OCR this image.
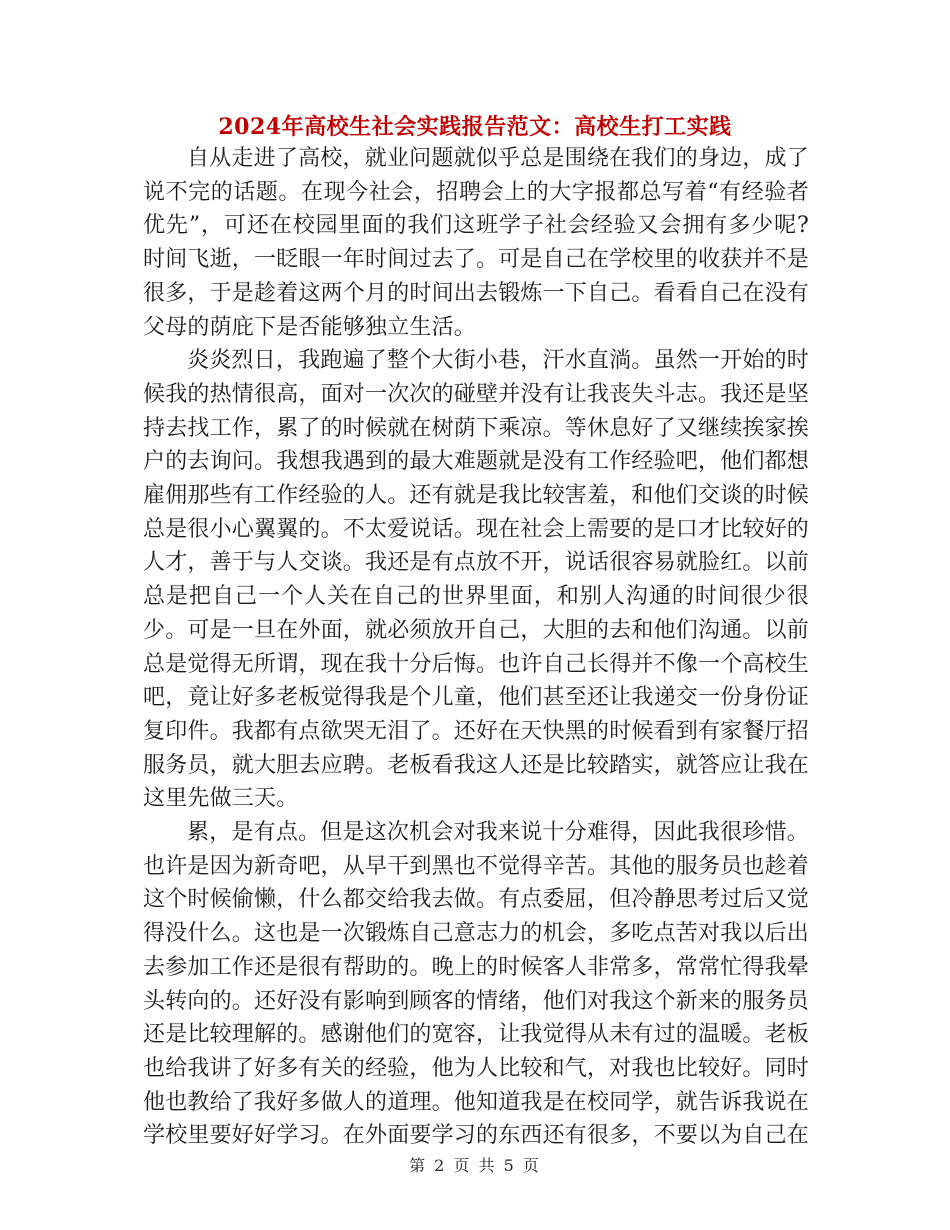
2024年高校生社会实践报告范文：高校生打工实践

自从走进了高校，就业问题就似乎总是围绕在我们的身边，成了说不完的话题。在现今社会，招聘会上的大字报都总写着“有经验者优先”，可还在校园里面的我们这班学子社会经验又会拥有多少呢?时间飞逝，一眨眼一年时间过去了。可是自己在学校里的收获并不是很多，于是趁着这两个月的时间出去锻炼一下自己。看看自己在没有父母的荫庇下是否能够独立生活。

炎炎烈日，我跑遍了整个大街小巷，汗水直淌。虽然一开始的时候我的热情很高，面对一次次的碰壁并没有让我丧失斗志。我还是坚持去找工作，累了的时候就在树荫下乘凉。等休息好了又继续挨家挨户的去询问。我想我遇到的最大难题就是没有工作经验吧，他们都想雇佣那些有工作经验的人。还有就是我比较害羞，和他们交谈的时候总是很小心翼翼的。不太爱说话。现在社会上需要的是口才比较好的人才，善于与人交谈。我还是有点放不开，说话很容易就脸红。以前总是把自己一个人关在自己的世界里面，和别人沟通的时间很少很少。可是一旦在外面，就必须放开自己，大胆的去和他们沟通。以前总是觉得无所谓，现在我十分后悔。也许自己长得并不像一个高校生吧，竟让好多老板觉得我是个儿童，他们甚至还让我递交一份身份证复印件。我都有点欲哭无泪了。还好在天快黑的时候看到有家餐厅招服务员，就大胆去应聘。老板看我这人还是比较踏实，就答应让我在这里先做三天。

累，是有点。但是这次机会对我来说十分难得，因此我很珍惜。也许是因为新奇吧，从早干到黑也不觉得辛苦。其他的服务员也趁着这个时候偷懒，什么都交给我去做。有点委屈，但冷静思考过后又觉得没什么。这也是一次锻炼自己意志力的机会，多吃点苦对我以后出去参加工作还是很有帮助的。晚上的时候客人非常多，常常忙得我晕头转向的。还好没有影响到顾客的情绪，他们对我这个新来的服务员还是比较理解的。感谢他们的宽容，让我觉得从未有过的温暖。老板也给我讲了好多有关的经验，他为人比较和气，对我也比较好。同时他也教给了我好多做人的道理。他知道我是在校同学，就告诉我说在学校里要好好学习。在外面要学习的东西还有很多，不要以为自己在

第 2 页 共 5 页
